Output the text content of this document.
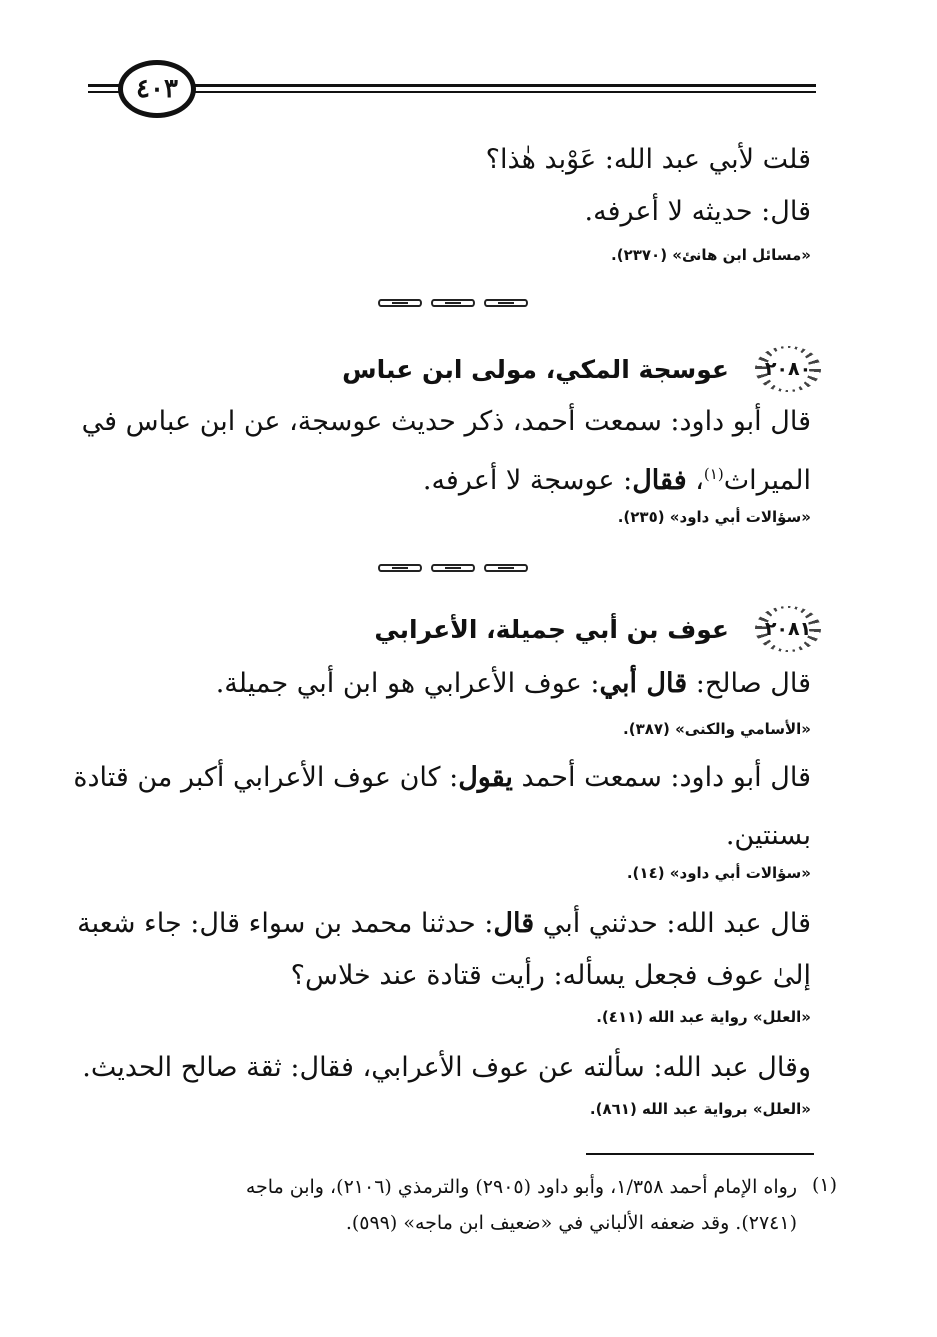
٤٠٣
قلت لأبي عبد الله: عَوْبد هٰذا؟
قال: حديثه لا أعرفه.
«مسائل ابن هانئ» (٢٣٧٠).
٢٠٨٠
عوسجة المكي، مولى ابن عباس
قال أبو داود: سمعت أحمد، ذكر حديث عوسجة، عن ابن عباس في
الميراث$^{(١)}$، فقال: عوسجة لا أعرفه.
«سؤالات أبي داود» (٢٣٥).
٢٠٨١
عوف بن أبي جميلة، الأعرابي
قال صالح: قال أبي: عوف الأعرابي هو ابن أبي جميلة.
«الأسامي والكنى» (٣٨٧).
قال أبو داود: سمعت أحمد يقول: كان عوف الأعرابي أكبر من قتادة
بسنتين.
«سؤالات أبي داود» (١٤).
قال عبد الله: حدثني أبي قال: حدثنا محمد بن سواء قال: جاء شعبة
إلىٰ عوف فجعل يسأله: رأيت قتادة عند خلاس؟
«العلل» رواية عبد الله (٤١١).
وقال عبد الله: سألته عن عوف الأعرابي، فقال: ثقة صالح الحديث.
«العلل» برواية عبد الله (٨٦١).
(١)
رواه الإمام أحمد ١/٣٥٨، وأبو داود (٢٩٠٥) والترمذي (٢١٠٦)، وابن ماجه
(٢٧٤١). وقد ضعفه الألباني في «ضعيف ابن ماجه» (٥٩٩).
